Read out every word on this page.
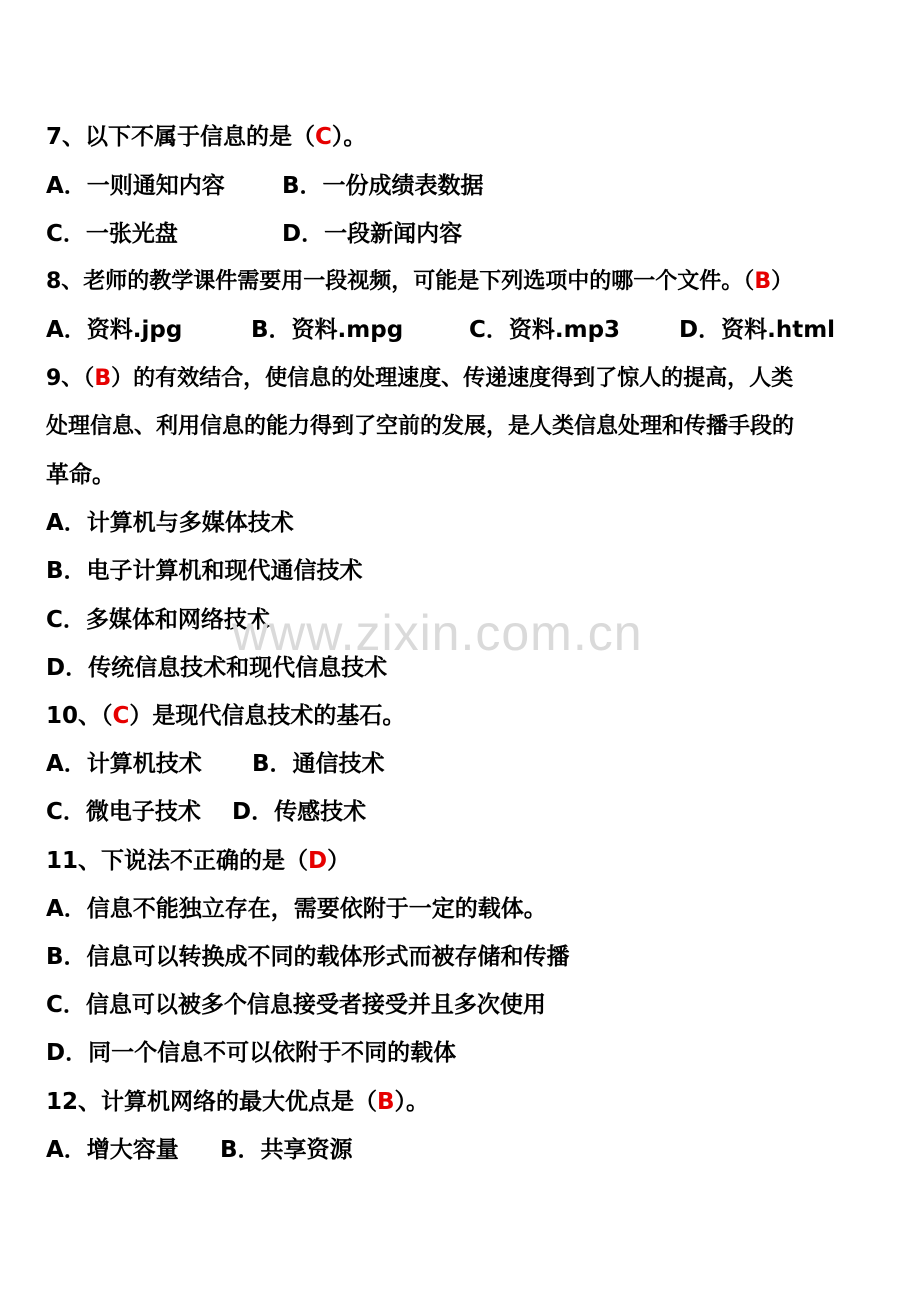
7、以下不属于信息的是（C）。
A．一则通知内容 B．一份成绩表数据
C．一张光盘	D．一段新闻内容
8、老师的教学课件需要用一段视频，可能是下列选项中的哪一个文件。（B）
A．资料.jpg	B．资料.mpg	C．资料.mp3	D．资料.html
9、（B）的有效结合，使信息的处理速度、传递速度得到了惊人的提高，人类
处理信息、利用信息的能力得到了空前的发展，是人类信息处理和传播手段的
革命。
A．计算机与多媒体技术
B．电子计算机和现代通信技术
C．多媒体和网络技术
D．传统信息技术和现代信息技术
10、（C）是现代信息技术的基石。
A．计算机技术 B．通信技术
C．微电子技术 D．传感技术
11、下说法不正确的是（D）
A．信息不能独立存在，需要依附于一定的载体。
B．信息可以转换成不同的载体形式而被存储和传播
C．信息可以被多个信息接受者接受并且多次使用
D．同一个信息不可以依附于不同的载体
12、计算机网络的最大优点是（B）。
A．增大容量 B．共享资源
www.zixin.com.cn
